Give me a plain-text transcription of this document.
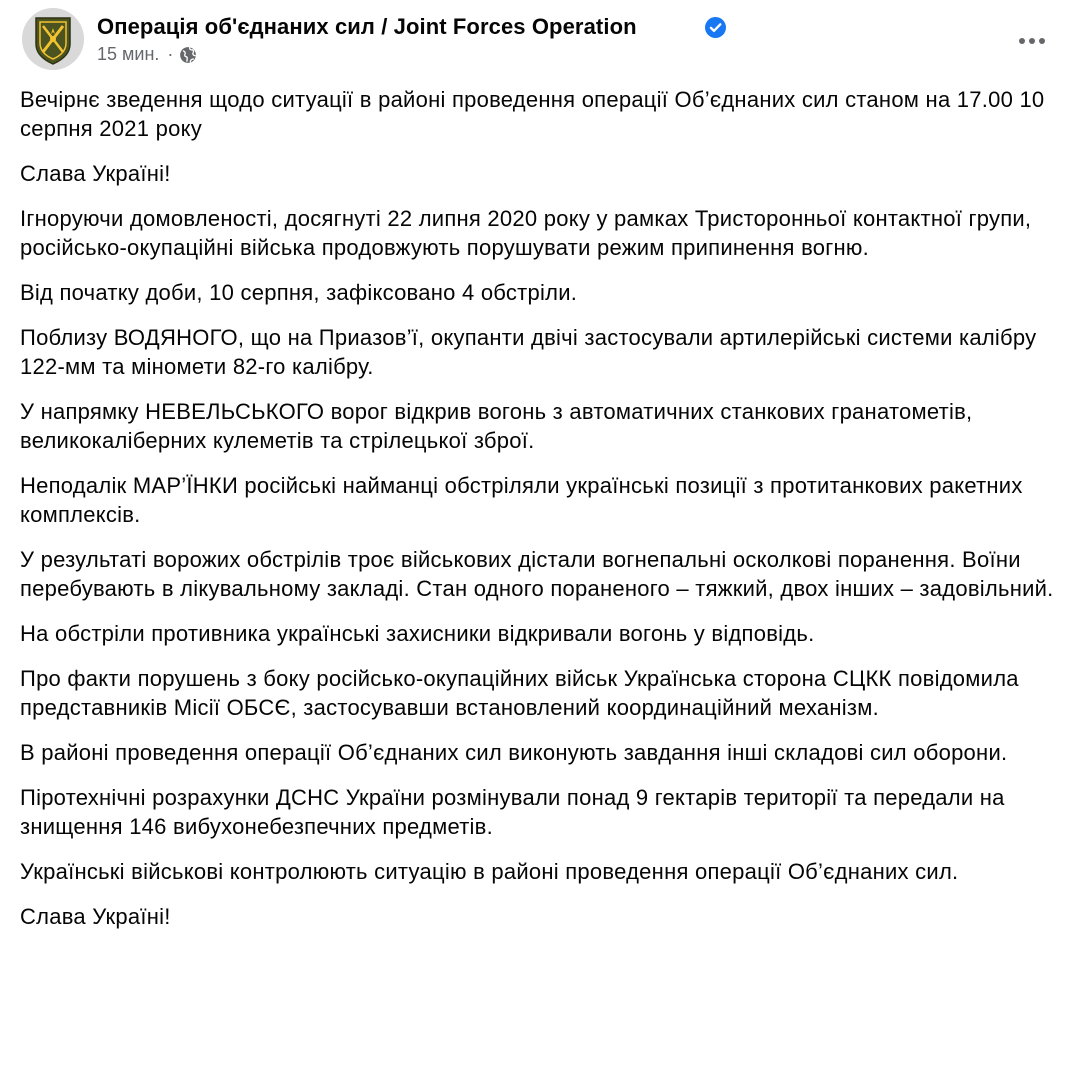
Операція об'єднаних сил / Joint Forces Operation
15 мин. ·

Вечірнє зведення щодо ситуації в районі проведення операції Об’єднаних сил станом на 17.00 10 серпня 2021 року

Слава Україні!

Ігноруючи домовленості, досягнуті 22 липня 2020 року у рамках Тристоронньої контактної групи, російсько-окупаційні війська продовжують порушувати режим припинення вогню.

Від початку доби, 10 серпня, зафіксовано 4 обстріли.

Поблизу ВОДЯНОГО, що на Приазов’ї, окупанти двічі застосували артилерійські системи калібру 122-мм та міномети 82-го калібру.

У напрямку НЕВЕЛЬСЬКОГО ворог відкрив вогонь з автоматичних станкових гранатометів, великокаліберних кулеметів та стрілецької зброї.

Неподалік МАР’ЇНКИ російські найманці обстріляли українські позиції з протитанкових ракетних комплексів.

У результаті ворожих обстрілів троє військових дістали вогнепальні осколкові поранення. Воїни перебувають в лікувальному закладі. Стан одного пораненого – тяжкий, двох інших – задовільний.

На обстріли противника українські захисники відкривали вогонь у відповідь.

Про факти порушень з боку російсько-окупаційних військ Українська сторона СЦКК повідомила представників Місії ОБСЄ, застосувавши встановлений координаційний механізм.

В районі проведення операції Об’єднаних сил виконують завдання інші складові сил оборони.

Піротехнічні розрахунки ДСНС України розмінували понад 9 гектарів території та передали на знищення 146 вибухонебезпечних предметів.

Українські військові контролюють ситуацію в районі проведення операції Об’єднаних сил.

Слава Україні!
